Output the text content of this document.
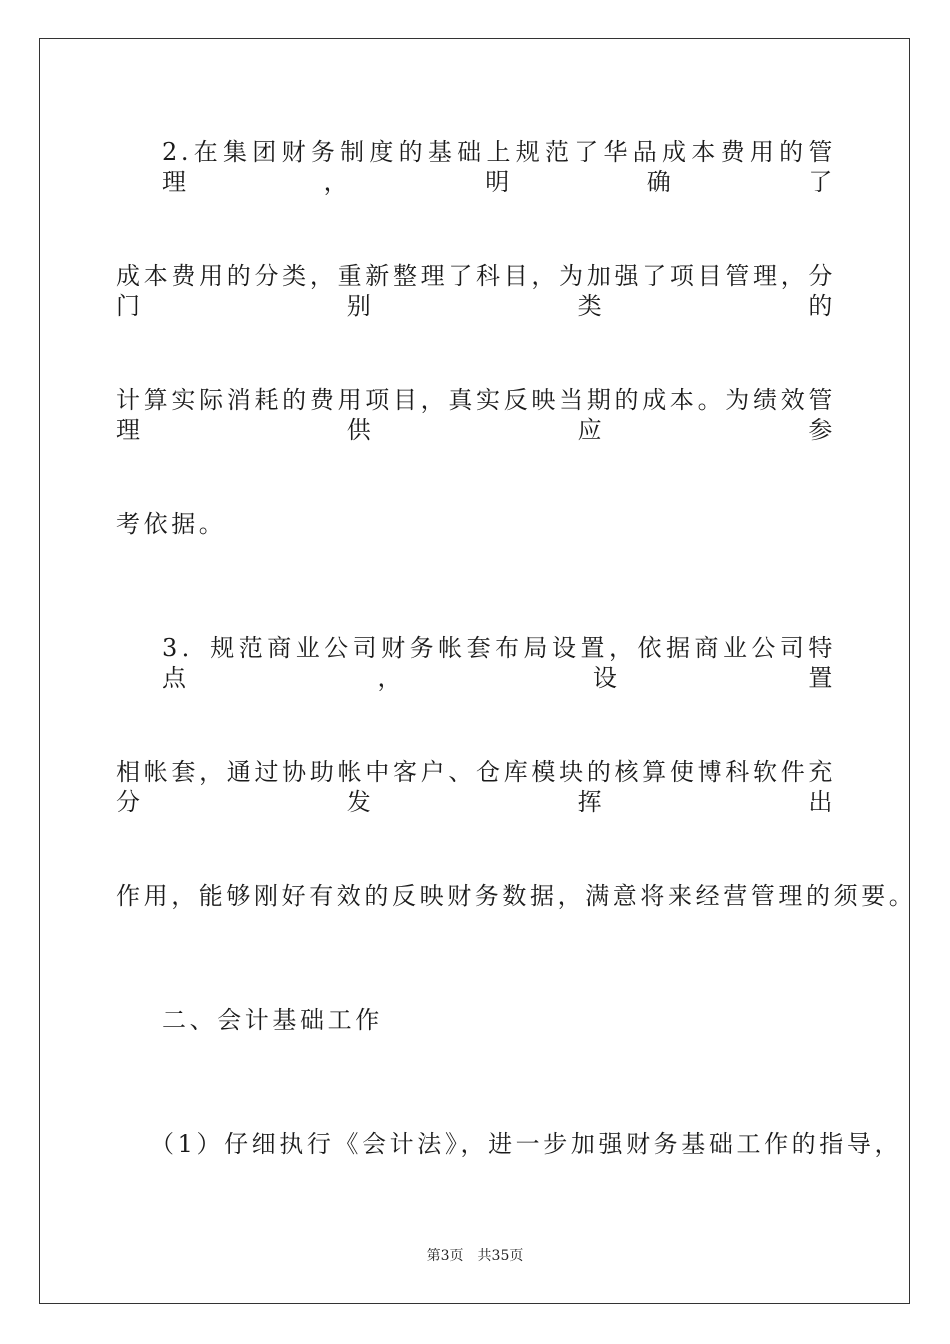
2.在集团财务制度的基础上规范了华品成本费用的管理，明确了
成本费用的分类，重新整理了科目，为加强了项目管理，分门别类的
计算实际消耗的费用项目，真实反映当期的成本。为绩效管理供应参
考依据。
3．规范商业公司财务帐套布局设置，依据商业公司特点，设置
相帐套，通过协助帐中客户、仓库模块的核算使博科软件充分发挥出
作用，能够刚好有效的反映财务数据，满意将来经营管理的须要。
二、会计基础工作
（1）仔细执行《会计法》，进一步加强财务基础工作的指导，
第3页 共35页
